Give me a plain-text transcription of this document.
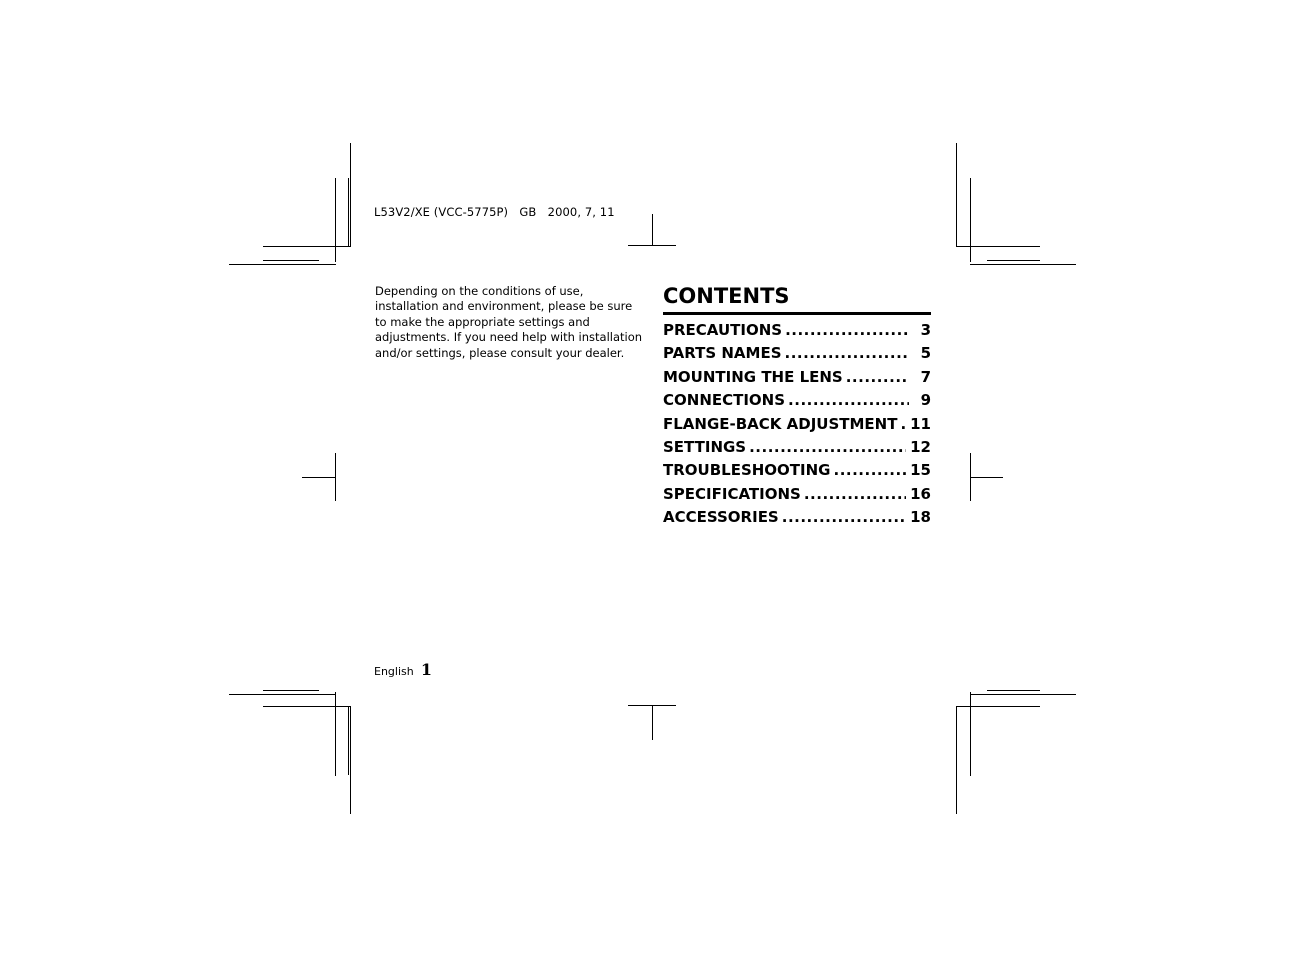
L53V2/XE (VCC-5775P)   GB   2000, 7, 11

Depending on the conditions of use, installation and environment, please be sure to make the appropriate settings and adjustments. If you need help with installation and/or settings, please consult your dealer.

CONTENTS
PRECAUTIONS .....	3
PARTS NAMES .....	5
MOUNTING THE LENS .....	7
CONNECTIONS .....	9
FLANGE-BACK ADJUSTMENT ..... 11
SETTINGS .....	12
TROUBLESHOOTING .....	15
SPECIFICATIONS .....	16
ACCESSORIES .....	18
English 1
